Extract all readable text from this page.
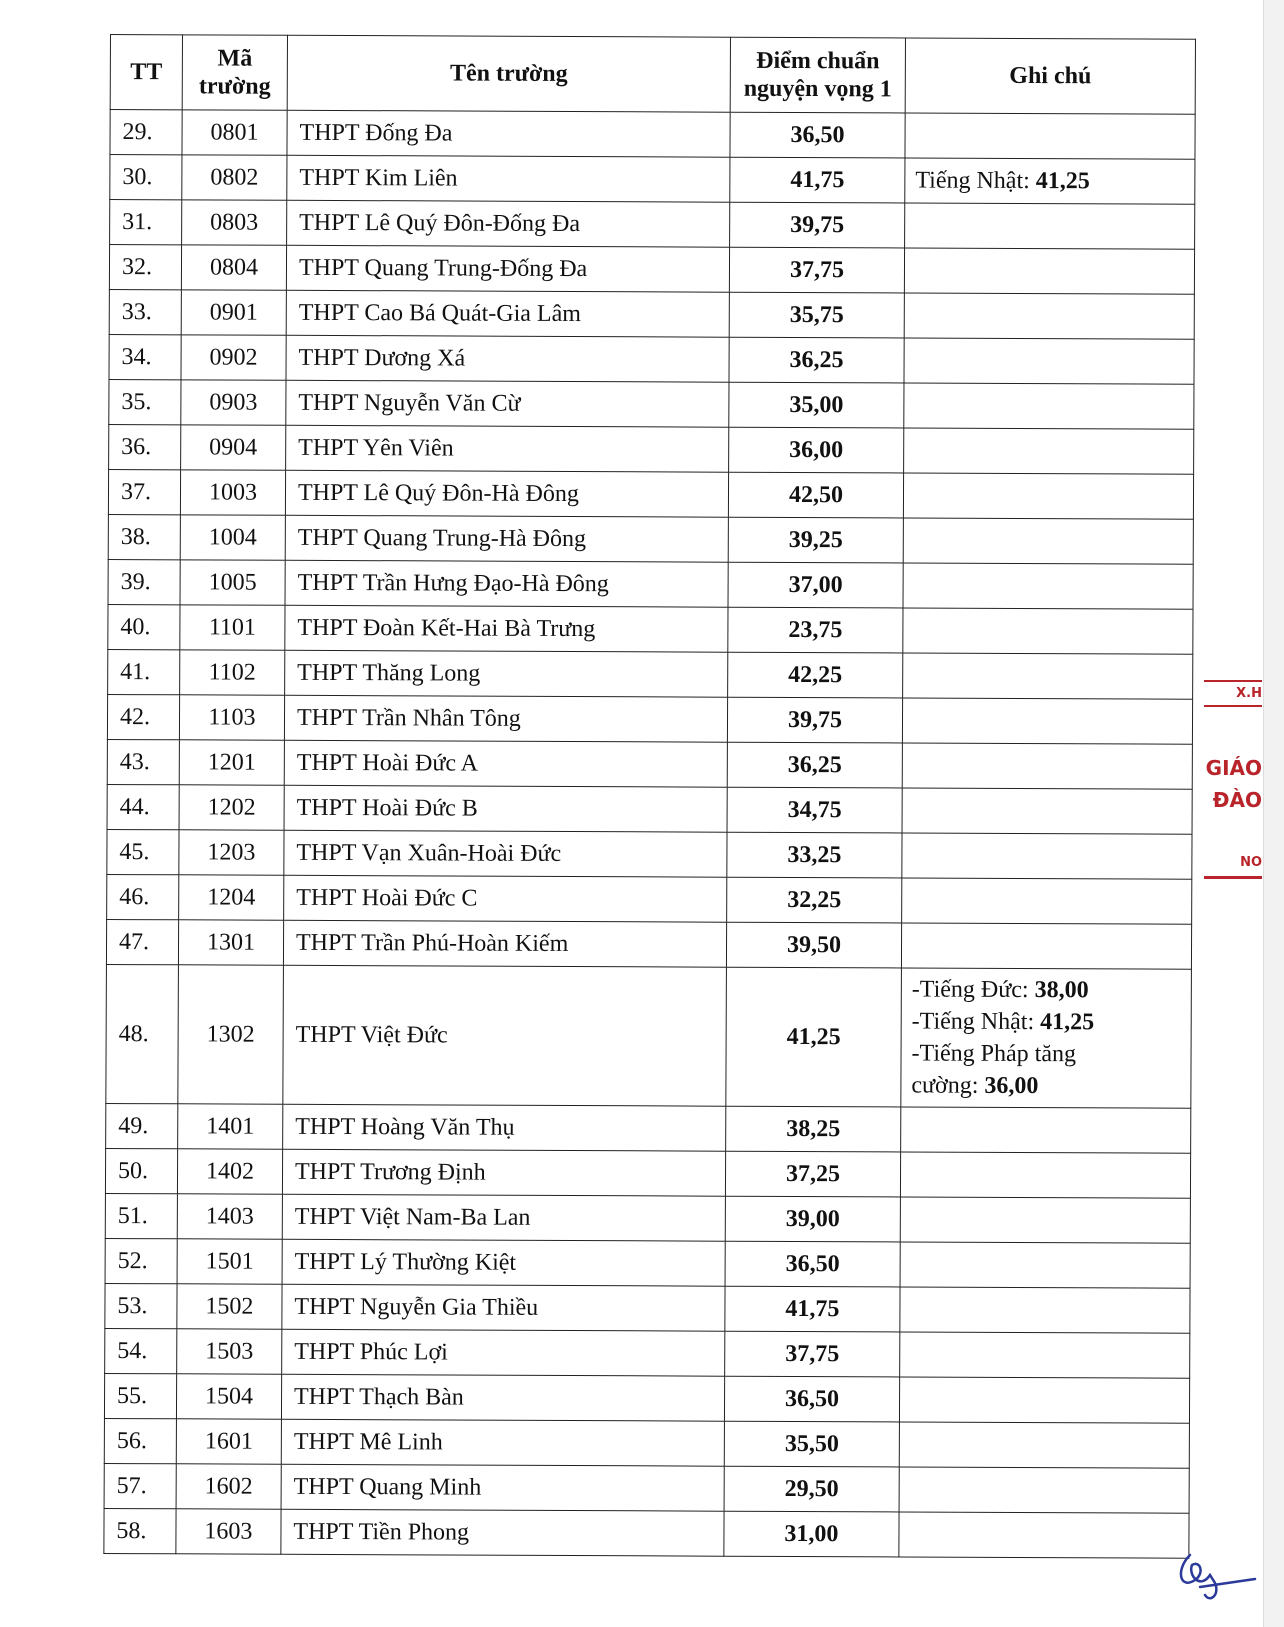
TT	Mã trường	Tên trường	Điểm chuẩn nguyện vọng 1	Ghi chú
29.	0801	THPT Đống Đa	36,50	
30.	0802	THPT Kim Liên	41,75	Tiếng Nhật: 41,25

31.	0803	THPT Lê Quý Đôn-Đống Đa	39,75	
32.	0804	THPT Quang Trung-Đống Đa	37,75	
33.	0901	THPT Cao Bá Quát-Gia Lâm	35,75	
34.	0902	THPT Dương Xá	36,25	
35.	0903	THPT Nguyễn Văn Cừ	35,00	
36.	0904	THPT Yên Viên	36,00	
37.	1003	THPT Lê Quý Đôn-Hà Đông	42,50	
38.	1004	THPT Quang Trung-Hà Đông	39,25	
39.	1005	THPT Trần Hưng Đạo-Hà Đông	37,00	
40.	1101	THPT Đoàn Kết-Hai Bà Trưng	23,75	
41.	1102	THPT Thăng Long	42,25	
42.	1103	THPT Trần Nhân Tông	39,75	
43.	1201	THPT Hoài Đức A	36,25	
44.	1202	THPT Hoài Đức B	34,75	
45.	1203	THPT Vạn Xuân-Hoài Đức	33,25	
46.	1204	THPT Hoài Đức C	32,25	
47.	1301	THPT Trần Phú-Hoàn Kiếm	39,50	
48.	1302	THPT Việt Đức	41,25	-Tiếng Đức: 38,00
-Tiếng Nhật: 41,25
-Tiếng Pháp tăng
cường: 36,00

49.	1401	THPT Hoàng Văn Thụ	38,25	
50.	1402	THPT Trương Định	37,25	
51.	1403	THPT Việt Nam-Ba Lan	39,00	
52.	1501	THPT Lý Thường Kiệt	36,50	
53.	1502	THPT Nguyễn Gia Thiều	41,75	
54.	1503	THPT Phúc Lợi	37,75	
55.	1504	THPT Thạch Bàn	36,50	
56.	1601	THPT Mê Linh	35,50	
57.	1602	THPT Quang Minh	29,50	
58.	1603	THPT Tiền Phong	31,00	
X.H
GIÁO
ĐÀO
NỐ
